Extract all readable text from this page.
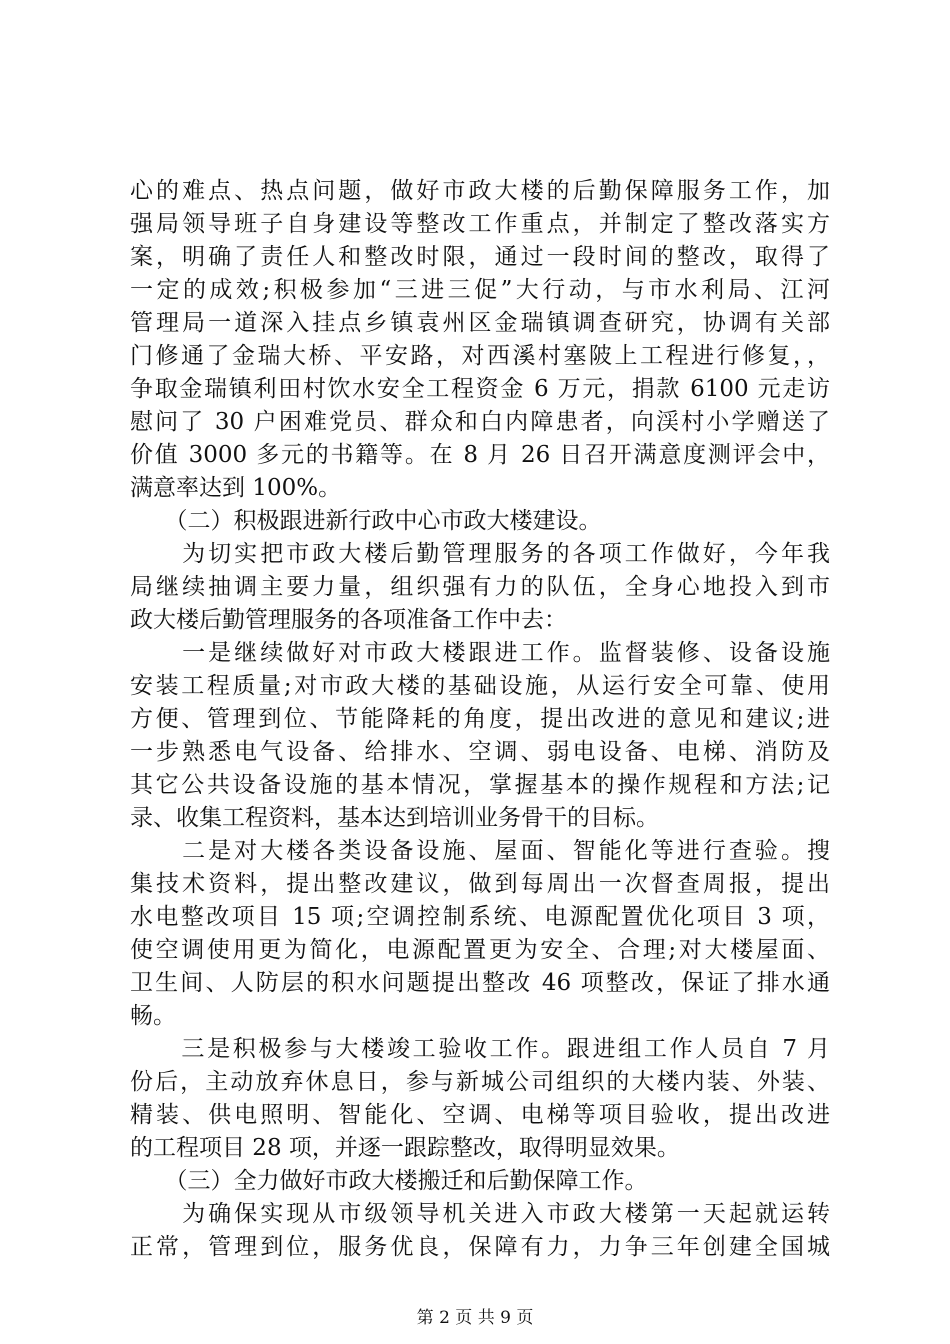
心的难点、热点问题，做好市政大楼的后勤保障服务工作，加
强局领导班子自身建设等整改工作重点，并制定了整改落实方
案，明确了责任人和整改时限，通过一段时间的整改，取得了
一定的成效;积极参加“三进三促”大行动，与市水利局、江河
管理局一道深入挂点乡镇袁州区金瑞镇调查研究，协调有关部
门修通了金瑞大桥、平安路，对西溪村塞陂上工程进行修复，，
争取金瑞镇利田村饮水安全工程资金 6 万元，捐款 6100 元走访
慰问了 30 户困难党员、群众和白内障患者，向渓村小学赠送了
价值 3000 多元的书籍等。在 8 月 26 日召开满意度测评会中，
满意率达到 100%。
　　（二）积极跟进新行政中心市政大楼建设。
　　为切实把市政大楼后勤管理服务的各项工作做好，今年我
局继续抽调主要力量，组织强有力的队伍，全身心地投入到市
政大楼后勤管理服务的各项准备工作中去：
　　一是继续做好对市政大楼跟进工作。监督装修、设备设施
安装工程质量;对市政大楼的基础设施，从运行安全可靠、使用
方便、管理到位、节能降耗的角度，提出改进的意见和建议;进
一步熟悉电气设备、给排水、空调、弱电设备、电梯、消防及
其它公共设备设施的基本情况，掌握基本的操作规程和方法;记
录、收集工程资料，基本达到培训业务骨干的目标。
　　二是对大楼各类设备设施、屋面、智能化等进行查验。搜
集技术资料，提出整改建议，做到每周出一次督查周报，提出
水电整改项目 15 项;空调控制系统、电源配置优化项目 3 项，
使空调使用更为简化，电源配置更为安全、合理;对大楼屋面、
卫生间、人防层的积水问题提出整改 46 项整改，保证了排水通
畅。
　　三是积极参与大楼竣工验收工作。跟进组工作人员自 7 月
份后，主动放弃休息日，参与新城公司组织的大楼内装、外装、
精装、供电照明、智能化、空调、电梯等项目验收，提出改进
的工程项目 28 项，并逐一跟踪整改，取得明显效果。
　　（三）全力做好市政大楼搬迁和后勤保障工作。
　　为确保实现从市级领导机关进入市政大楼第一天起就运转
正常，管理到位，服务优良，保障有力，力争三年创建全国城
第 2 页 共 9 页
